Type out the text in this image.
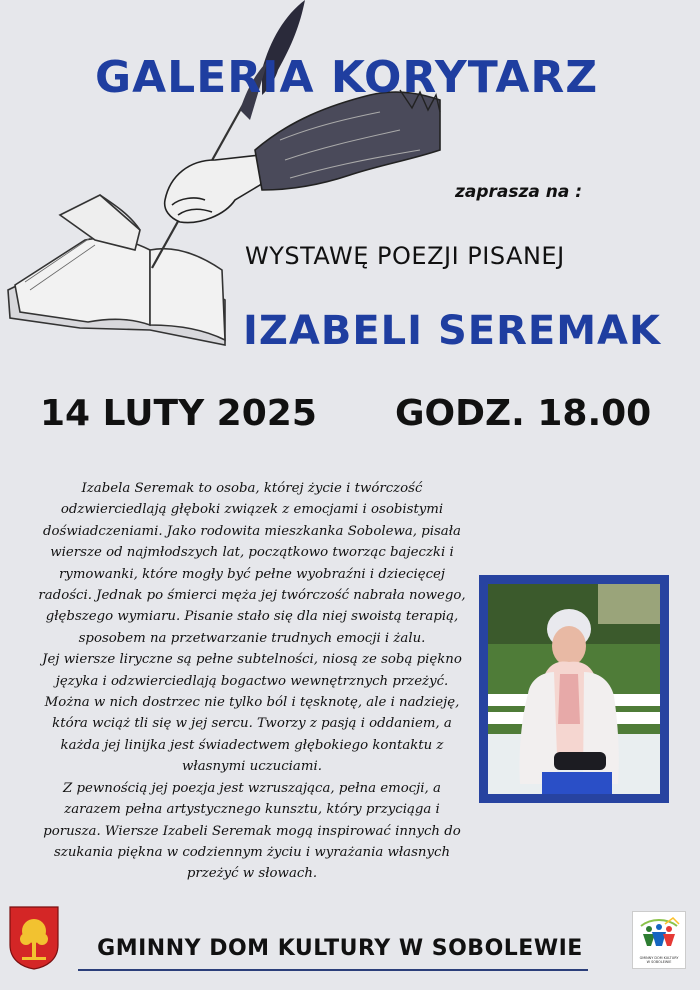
GALERIA KORYTARZ
zaprasza na :
WYSTAWĘ POEZJI PISANEJ
IZABELI SEREMAK
14 LUTY 2025 GODZ. 18.00

Izabela Seremak to osoba, której życie i twórczość odzwierciedlają głęboki związek z emocjami i osobistymi doświadczeniami. Jako rodowita mieszkanka Sobolewa, pisała wiersze od najmłodszych lat, początkowo tworząc bajeczki i rymowanki, które mogły być pełne wyobraźni i dziecięcej radości. Jednak po śmierci męża jej twórczość nabrała nowego, głębszego wymiaru. Pisanie stało się dla niej swoistą terapią, sposobem na przetwarzanie trudnych emocji i żalu.

Jej wiersze liryczne są pełne subtelności, niosą ze sobą piękno języka i odzwierciedlają bogactwo wewnętrznych przeżyć. Można w nich dostrzec nie tylko ból i tęsknotę, ale i nadzieję, która wciąż tli się w jej sercu. Tworzy z pasją i oddaniem, a każda jej linijka jest świadectwem głębokiego kontaktu z własnymi uczuciami.

Z pewnością jej poezja jest wzruszająca, pełna emocji, a zarazem pełna artystycznego kunsztu, który przyciąga i porusza. Wiersze Izabeli Seremak mogą inspirować innych do szukania piękna w codziennym życiu i wyrażania własnych przeżyć w słowach.

GMINNY DOM KULTURY W SOBOLEWIE	GMINNY DOM KULTURY
W SOBOLEWIE
